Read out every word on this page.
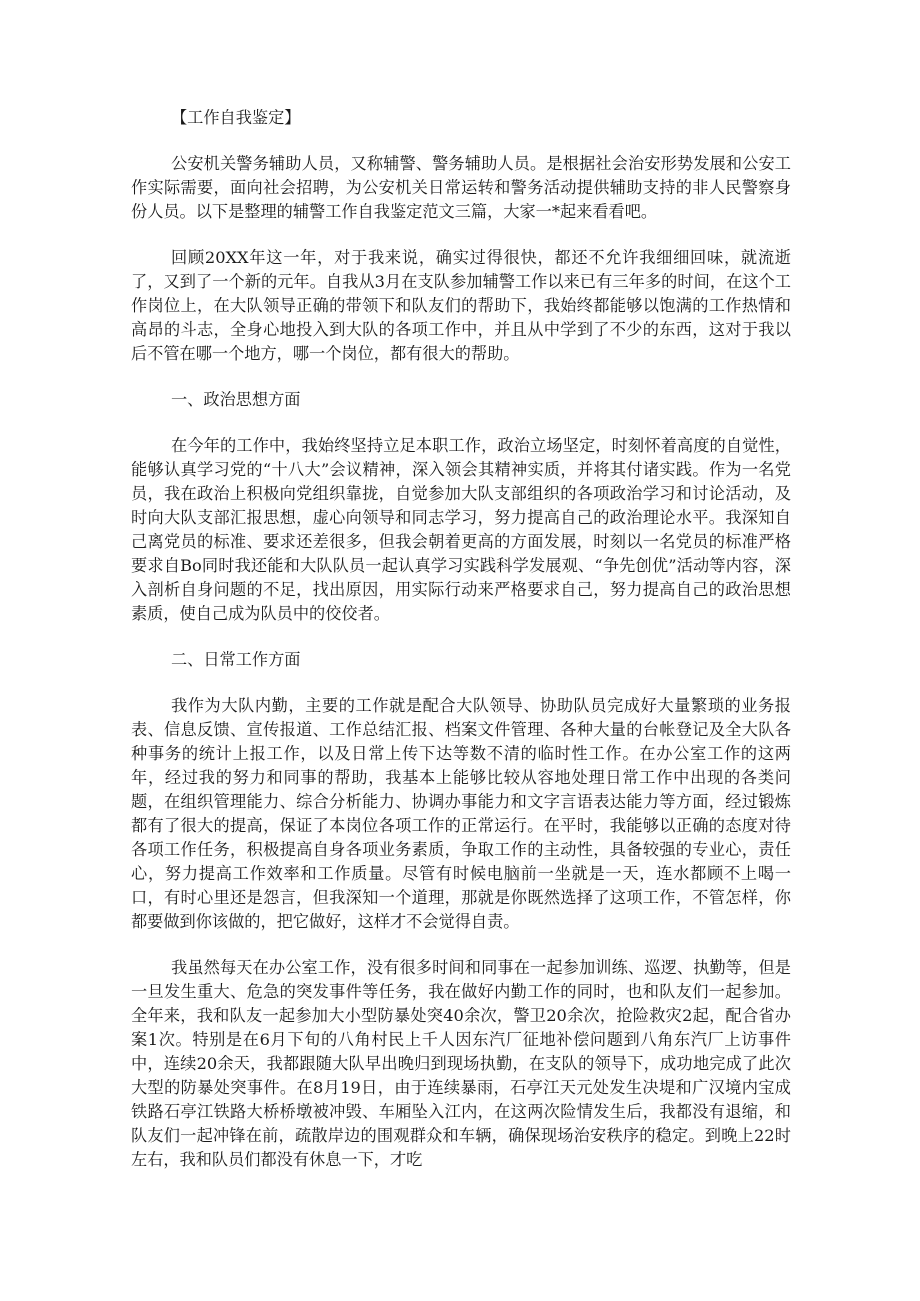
【工作自我鉴定】

公安机关警务辅助人员，又称辅警、警务辅助人员。是根据社会治安形势发展和公安工作实际需要，面向社会招聘，为公安机关日常运转和警务活动提供辅助支持的非人民警察身份人员。以下是整理的辅警工作自我鉴定范文三篇，大家一*起来看看吧。

回顾20XX年这一年，对于我来说，确实过得很快，都还不允许我细细回味，就流逝了，又到了一个新的元年。自我从3月在支队参加辅警工作以来已有三年多的时间，在这个工作岗位上，在大队领导正确的带领下和队友们的帮助下，我始终都能够以饱满的工作热情和高昂的斗志，全身心地投入到大队的各项工作中，并且从中学到了不少的东西，这对于我以后不管在哪一个地方，哪一个岗位，都有很大的帮助。

一、政治思想方面

在今年的工作中，我始终坚持立足本职工作，政治立场坚定，时刻怀着高度的自觉性，能够认真学习党的“十八大”会议精神，深入领会其精神实质，并将其付诸实践。作为一名党员，我在政治上积极向党组织靠拢，自觉参加大队支部组织的各项政治学习和讨论活动，及时向大队支部汇报思想，虚心向领导和同志学习，努力提高自己的政治理论水平。我深知自己离党员的标准、要求还差很多，但我会朝着更高的方面发展，时刻以一名党员的标准严格要求自Bo同时我还能和大队队员一起认真学习实践科学发展观、“争先创优”活动等内容，深入剖析自身问题的不足，找出原因，用实际行动来严格要求自己，努力提高自己的政治思想素质，使自己成为队员中的佼佼者。

二、日常工作方面

我作为大队内勤，主要的工作就是配合大队领导、协助队员完成好大量繁琐的业务报表、信息反馈、宣传报道、工作总结汇报、档案文件管理、各种大量的台帐登记及全大队各种事务的统计上报工作，以及日常上传下达等数不清的临时性工作。在办公室工作的这两年，经过我的努力和同事的帮助，我基本上能够比较从容地处理日常工作中出现的各类问题，在组织管理能力、综合分析能力、协调办事能力和文字言语表达能力等方面，经过锻炼都有了很大的提高，保证了本岗位各项工作的正常运行。在平时，我能够以正确的态度对待各项工作任务，积极提高自身各项业务素质，争取工作的主动性，具备较强的专业心，责任心，努力提高工作效率和工作质量。尽管有时候电脑前一坐就是一天，连水都顾不上喝一口，有时心里还是怨言，但我深知一个道理，那就是你既然选择了这项工作，不管怎样，你都要做到你该做的，把它做好，这样才不会觉得自责。

我虽然每天在办公室工作，没有很多时间和同事在一起参加训练、巡逻、执勤等，但是一旦发生重大、危急的突发事件等任务，我在做好内勤工作的同时，也和队友们一起参加。全年来，我和队友一起参加大小型防暴处突40余次，警卫20余次，抢险救灾2起，配合省办案1次。特别是在6月下旬的八角村民上千人因东汽厂征地补偿问题到八角东汽厂上访事件中，连续20余天，我都跟随大队早出晚归到现场执勤，在支队的领导下，成功地完成了此次大型的防暴处突事件。在8月19日，由于连续暴雨，石亭江天元处发生决堤和广汉境内宝成铁路石亭江铁路大桥桥墩被冲毁、车厢坠入江内，在这两次险情发生后，我都没有退缩，和队友们一起冲锋在前，疏散岸边的围观群众和车辆，确保现场治安秩序的稳定。到晚上22时左右，我和队员们都没有休息一下，才吃
